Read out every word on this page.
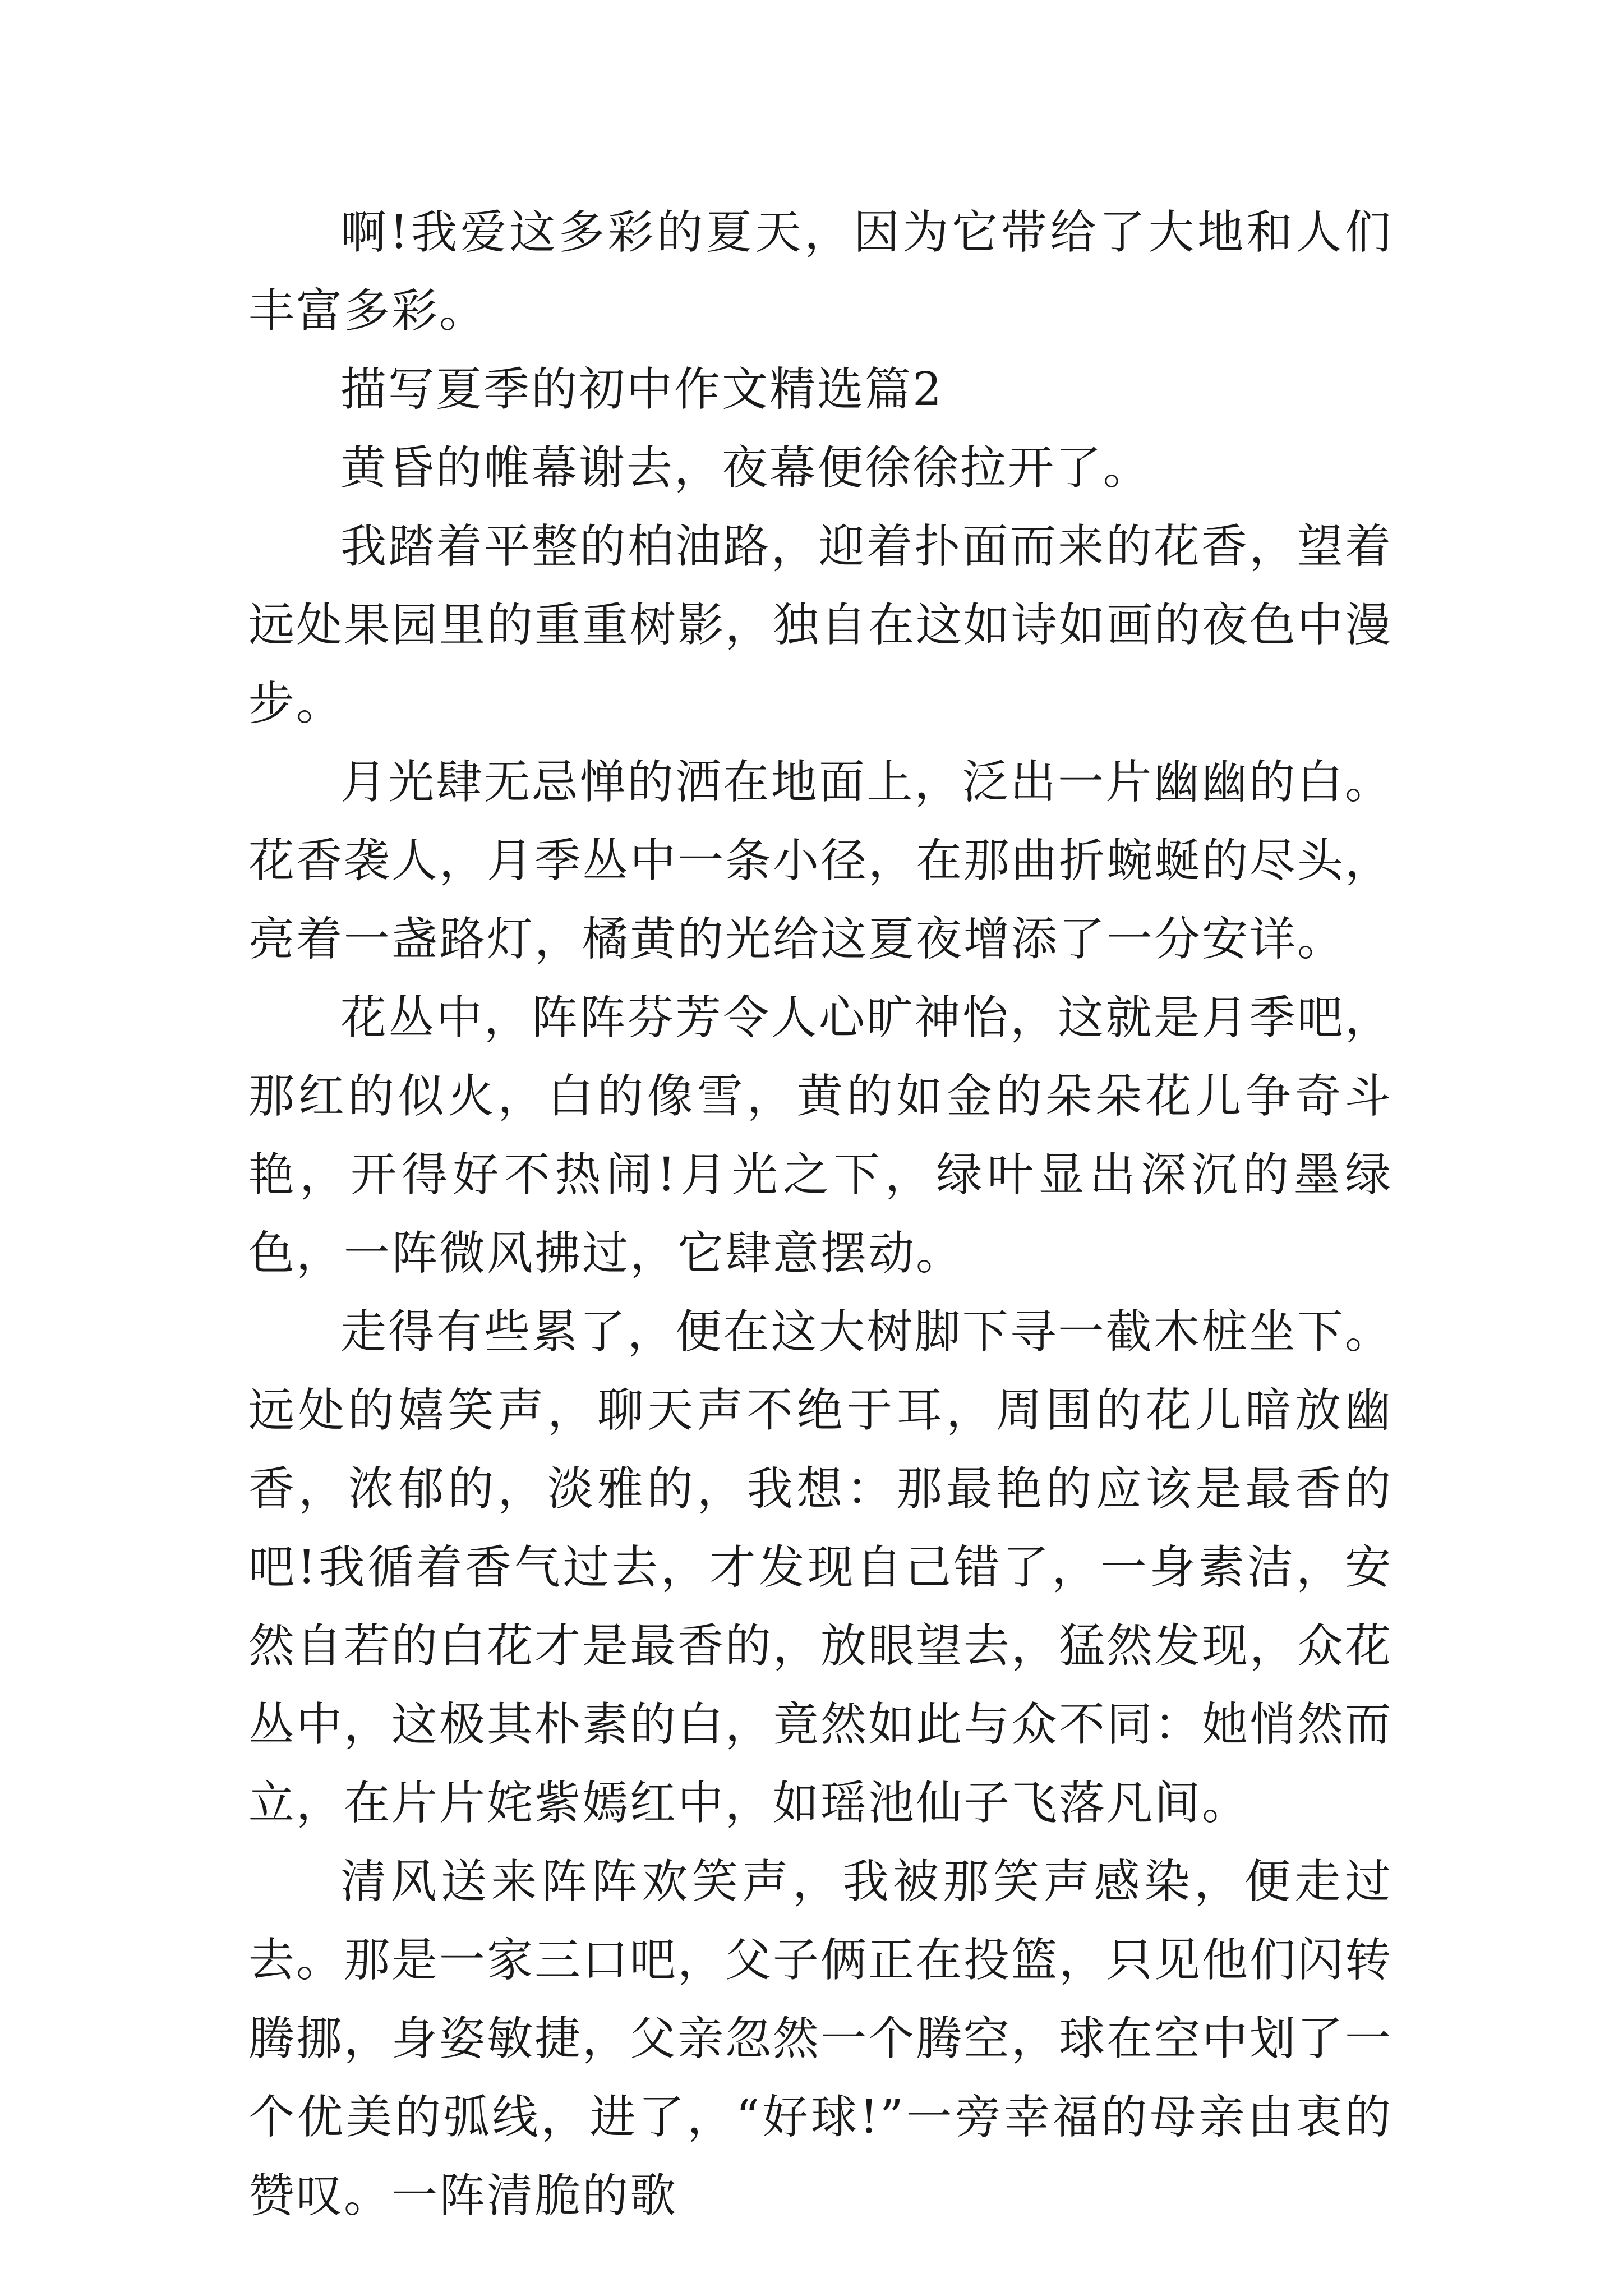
啊!我爱这多彩的夏天，因为它带给了大地和人们丰富多彩。

描写夏季的初中作文精选篇2

黄昏的帷幕谢去，夜幕便徐徐拉开了。

我踏着平整的柏油路，迎着扑面而来的花香，望着远处果园里的重重树影，独自在这如诗如画的夜色中漫步。

月光肆无忌惮的洒在地面上，泛出一片幽幽的白。花香袭人，月季丛中一条小径，在那曲折蜿蜒的尽头，亮着一盏路灯，橘黄的光给这夏夜增添了一分安详。

花丛中，阵阵芬芳令人心旷神怡，这就是月季吧，那红的似火，白的像雪，黄的如金的朵朵花儿争奇斗艳，开得好不热闹!月光之下，绿叶显出深沉的墨绿色，一阵微风拂过，它肆意摆动。

走得有些累了，便在这大树脚下寻一截木桩坐下。远处的嬉笑声，聊天声不绝于耳，周围的花儿暗放幽香，浓郁的，淡雅的，我想：那最艳的应该是最香的吧!我循着香气过去，才发现自己错了，一身素洁，安然自若的白花才是最香的，放眼望去，猛然发现，众花丛中，这极其朴素的白，竟然如此与众不同：她悄然而立，在片片姹紫嫣红中，如瑶池仙子飞落凡间。

清风送来阵阵欢笑声，我被那笑声感染，便走过去。那是一家三口吧，父子俩正在投篮，只见他们闪转腾挪，身姿敏捷，父亲忽然一个腾空，球在空中划了一个优美的弧线，进了，“好球!”一旁幸福的母亲由衷的赞叹。一阵清脆的歌
